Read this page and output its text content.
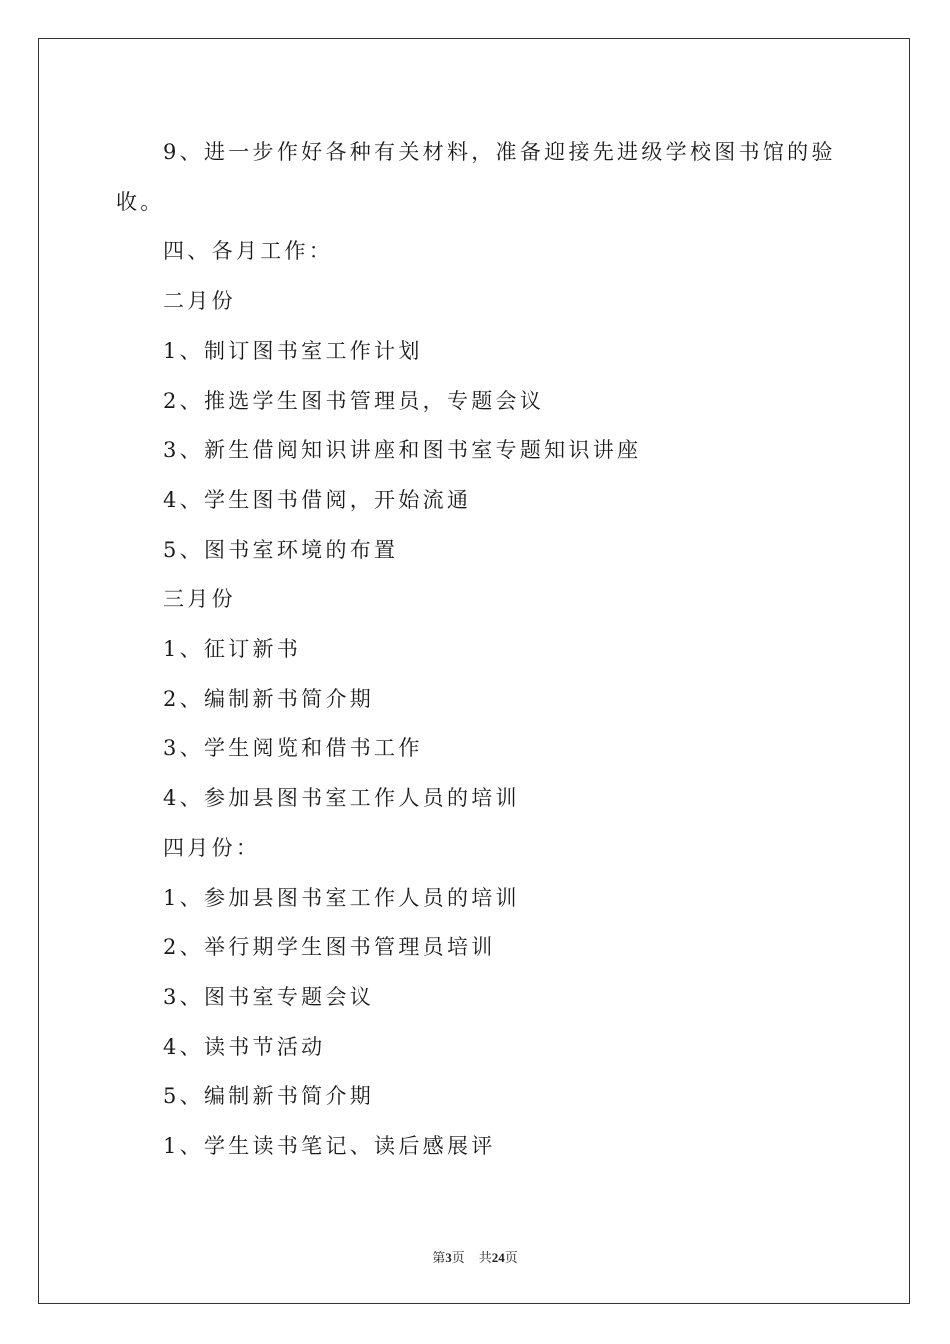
9、进一步作好各种有关材料，准备迎接先进级学校图书馆的验收。

四、各月工作：

二月份

1、制订图书室工作计划

2、推选学生图书管理员，专题会议

3、新生借阅知识讲座和图书室专题知识讲座

4、学生图书借阅，开始流通

5、图书室环境的布置

三月份

1、征订新书

2、编制新书简介期

3、学生阅览和借书工作

4、参加县图书室工作人员的培训

四月份：

1、参加县图书室工作人员的培训

2、举行期学生图书管理员培训

3、图书室专题会议

4、读书节活动

5、编制新书简介期

1、学生读书笔记、读后感展评

第3页 共24页
